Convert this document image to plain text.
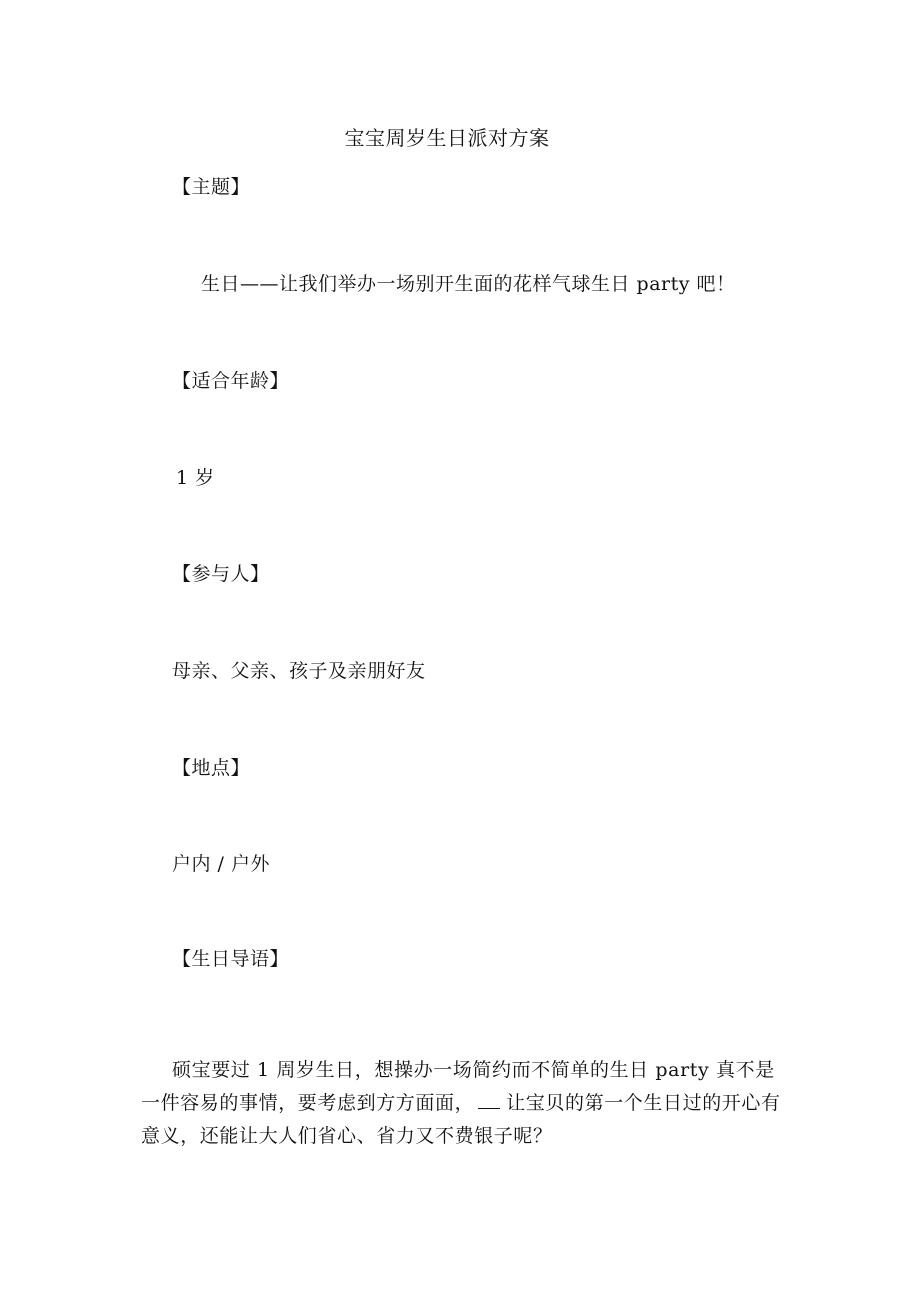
宝宝周岁生日派对方案
【主题】
生日——让我们举办一场别开生面的花样气球生日 party 吧！
【适合年龄】
1 岁
【参与人】
母亲、父亲、孩子及亲朋好友
【地点】
户内 / 户外
【生日导语】
硕宝要过 1 周岁生日，想操办一场简约而不简单的生日 party 真不是一件容易的事情，要考虑到方方面面， 让宝贝的第一个生日过的开心有意义，还能让大人们省心、省力又不费银子呢？
